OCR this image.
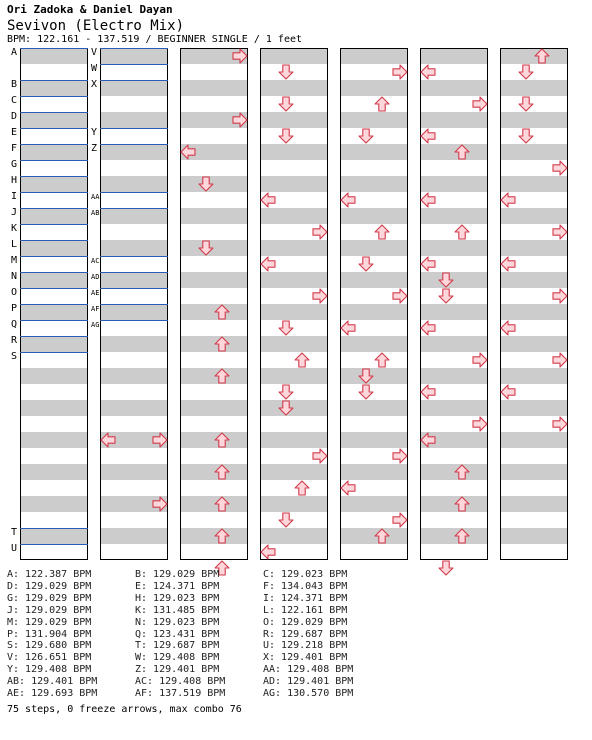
Ori Zadoka & Daniel Dayan
Sevivon (Electro Mix)
BPM: 122.161 - 137.519 / BEGINNER SINGLE / 1 feet
A
B
C
D
E
F
G
H
I
J
K
L
M
N
O
P
Q
R
S
T
U
V
W
X
Y
Z
AA
AB
AC
AD
AE
AF
AG
A: 122.387 BPM	B: 129.029 BPM	C: 129.023 BPM
D: 129.029 BPM	E: 124.371 BPM	F: 134.043 BPM
G: 129.029 BPM	H: 129.023 BPM	I: 124.371 BPM
J: 129.029 BPM	K: 131.485 BPM	L: 122.161 BPM
M: 129.029 BPM	N: 129.023 BPM	O: 129.029 BPM
P: 131.904 BPM	Q: 123.431 BPM	R: 129.687 BPM
S: 129.680 BPM	T: 129.687 BPM	U: 129.218 BPM
V: 126.651 BPM	W: 129.408 BPM	X: 129.401 BPM
Y: 129.408 BPM	Z: 129.401 BPM	AA: 129.408 BPM
AB: 129.401 BPM	AC: 129.408 BPM	AD: 129.401 BPM
AE: 129.693 BPM	AF: 137.519 BPM	AG: 130.570 BPM
75 steps, 0 freeze arrows, max combo 76
